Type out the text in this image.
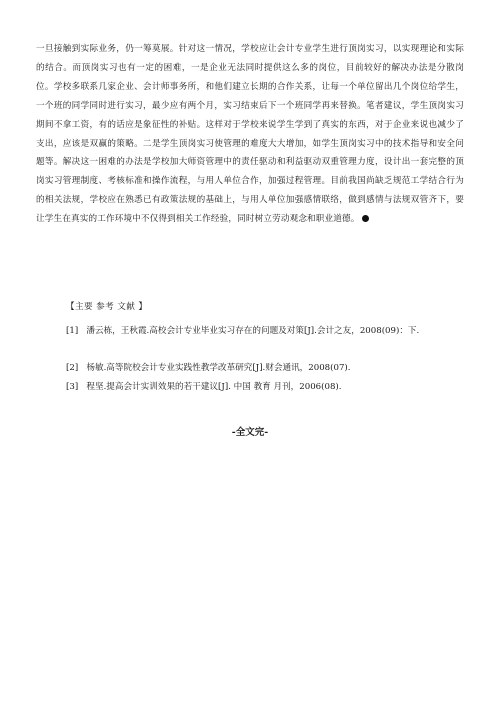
一旦接触到实际业务，仍一筹莫展。针对这一情况，学校应让会计专业学生进行顶岗实习，以实现理论和实际的结合。而顶岗实习也有一定的困难，一是企业无法同时提供这么多的岗位，目前较好的解决办法是分散岗位。学校多联系几家企业、会计师事务所，和他们建立长期的合作关系，让每一个单位留出几个岗位给学生，一个班的同学同时进行实习，最少应有两个月，实习结束后下一个班同学再来替换。笔者建议，学生顶岗实习期间不拿工资，有的话应是象征性的补贴。这样对于学校来说学生学到了真实的东西，对于企业来说也减少了支出，应该是双赢的策略。二是学生顶岗实习使管理的难度大大增加，如学生顶岗实习中的技术指导和安全问题等。解决这一困难的办法是学校加大师资管理中的责任驱动和利益驱动双重管理力度，设计出一套完整的顶岗实习管理制度、考核标准和操作流程，与用人单位合作，加强过程管理。目前我国尚缺乏规范工学结合行为的相关法规，学校应在熟悉已有政策法规的基础上，与用人单位加强感情联络，做到感情与法规双管齐下，要让学生在真实的工作环境中不仅得到相关工作经验，同时树立劳动观念和职业道德。

【主要 参考 文献 】

[1] 潘云栋，王秋霞.高校会计专业毕业实习存在的问题及对策[J].会计之友，2008(09)：下.

[2] 杨敏.高等院校会计专业实践性教学改革研究[J].财会通讯，2008(07).

[3] 程坚.提高会计实训效果的若干建议[J]. 中国 教育 月刊，2006(08).

-全文完-
